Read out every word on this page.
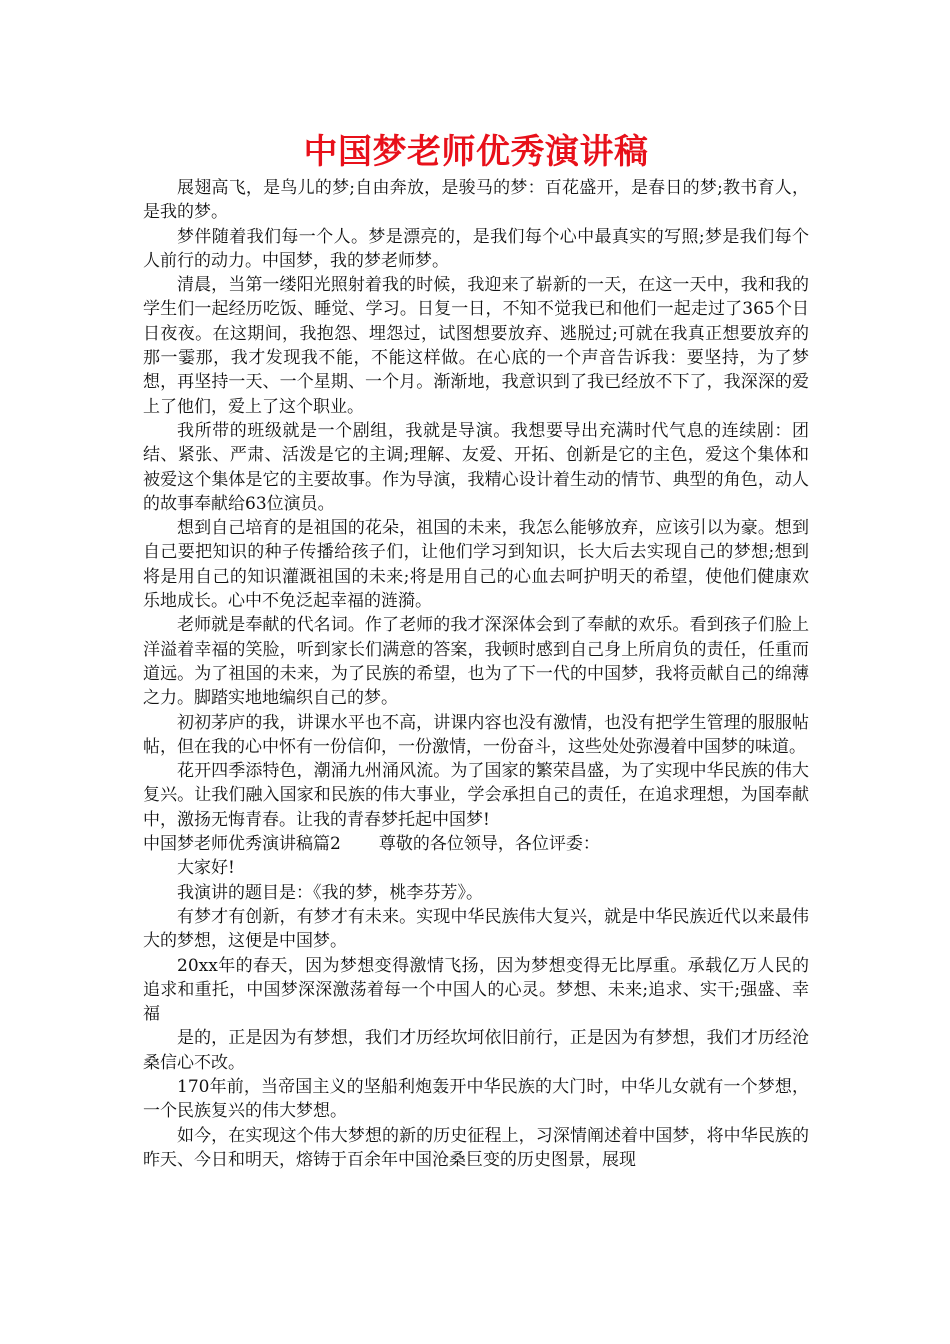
中国梦老师优秀演讲稿

展翅高飞，是鸟儿的梦;自由奔放，是骏马的梦：百花盛开，是春日的梦;教书育人，是我的梦。

梦伴随着我们每一个人。梦是漂亮的，是我们每个心中最真实的写照;梦是我们每个人前行的动力。中国梦，我的梦老师梦。

清晨，当第一缕阳光照射着我的时候，我迎来了崭新的一天，在这一天中，我和我的学生们一起经历吃饭、睡觉、学习。日复一日，不知不觉我已和他们一起走过了365个日日夜夜。在这期间，我抱怨、埋怨过，试图想要放弃、逃脱过;可就在我真正想要放弃的那一霎那，我才发现我不能，不能这样做。在心底的一个声音告诉我：要坚持，为了梦想，再坚持一天、一个星期、一个月。渐渐地，我意识到了我已经放不下了，我深深的爱上了他们，爱上了这个职业。

我所带的班级就是一个剧组，我就是导演。我想要导出充满时代气息的连续剧：团结、紧张、严肃、活泼是它的主调;理解、友爱、开拓、创新是它的主色，爱这个集体和被爱这个集体是它的主要故事。作为导演，我精心设计着生动的情节、典型的角色，动人的故事奉献给63位演员。

想到自己培育的是祖国的花朵，祖国的未来，我怎么能够放弃，应该引以为豪。想到自己要把知识的种子传播给孩子们，让他们学习到知识，长大后去实现自己的梦想;想到将是用自己的知识灌溉祖国的未来;将是用自己的心血去呵护明天的希望，使他们健康欢乐地成长。心中不免泛起幸福的涟漪。

老师就是奉献的代名词。作了老师的我才深深体会到了奉献的欢乐。看到孩子们脸上洋溢着幸福的笑脸，听到家长们满意的答案，我顿时感到自己身上所肩负的责任，任重而道远。为了祖国的未来，为了民族的希望，也为了下一代的中国梦，我将贡献自己的绵薄之力。脚踏实地地编织自己的梦。

初初茅庐的我，讲课水平也不高，讲课内容也没有激情，也没有把学生管理的服服帖帖，但在我的心中怀有一份信仰，一份激情，一份奋斗，这些处处弥漫着中国梦的味道。

花开四季添特色，潮涌九州涌风流。为了国家的繁荣昌盛，为了实现中华民族的伟大复兴。让我们融入国家和民族的伟大事业，学会承担自己的责任，在追求理想，为国奉献中，激扬无悔青春。让我的青春梦托起中国梦!

中国梦老师优秀演讲稿篇2 尊敬的各位领导，各位评委：

大家好!

我演讲的题目是：《我的梦，桃李芬芳》。

有梦才有创新，有梦才有未来。实现中华民族伟大复兴，就是中华民族近代以来最伟大的梦想，这便是中国梦。

20xx年的春天，因为梦想变得激情飞扬，因为梦想变得无比厚重。承载亿万人民的追求和重托，中国梦深深激荡着每一个中国人的心灵。梦想、未来;追求、实干;强盛、幸福

是的，正是因为有梦想，我们才历经坎坷依旧前行，正是因为有梦想，我们才历经沧桑信心不改。

170年前，当帝国主义的坚船利炮轰开中华民族的大门时，中华儿女就有一个梦想，一个民族复兴的伟大梦想。

如今，在实现这个伟大梦想的新的历史征程上，习深情阐述着中国梦，将中华民族的昨天、今日和明天，熔铸于百余年中国沧桑巨变的历史图景，展现
